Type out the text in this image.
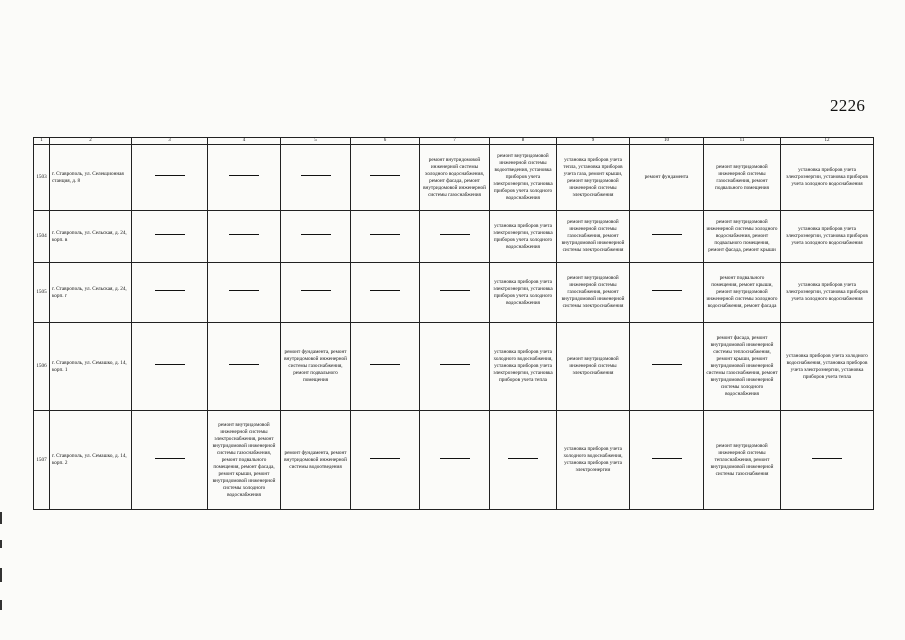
2226
1	2	3	4	5	6	7	8	9	10	11	12
1503	г. Ставрополь, ул. Селекционная станция, д. 8					ремонт внутридомовой инженерной системы холодного водоснабжения, ремонт фасада, ремонт внутридомовой инженерной системы газоснабжения	ремонт внутридомовой инженерной системы водоотведения, установка приборов учета электроэнергии, установка приборов учета холодного водоснабжения	установка приборов учета тепла, установка приборов учета газа, ремонт крыши, ремонт внутридомовой инженерной системы электроснабжения	ремонт фундамента	ремонт внутридомовой инженерной системы газоснабжения, ремонт подвального помещения	установка приборов учета электроэнергии, установка приборов учета холодного водоснабжения
1504	г. Ставрополь, ул. Сельская, д. 24, корп. в						установка приборов учета электроэнергии, установка приборов учета холодного водоснабжения	ремонт внутридомовой инженерной системы газоснабжения, ремонт внутридомовой инженерной системы электроснабжения		ремонт внутридомовой инженерной системы холодного водоснабжения, ремонт подвального помещения, ремонт фасада, ремонт крыши	установка приборов учета электроэнергии, установка приборов учета холодного водоснабжения
1505	г. Ставрополь, ул. Сельская, д. 24, корп. г						установка приборов учета электроэнергии, установка приборов учета холодного водоснабжения	ремонт внутридомовой инженерной системы газоснабжения, ремонт внутридомовой инженерной системы электроснабжения		ремонт подвального помещения, ремонт крыши, ремонт внутридомовой инженерной системы холодного водоснабжения, ремонт фасада	установка приборов учета электроэнергии, установка приборов учета холодного водоснабжения
1506	г. Ставрополь, ул. Семашко, д. 14, корп. 1			ремонт фундамента, ремонт внутридомовой инженерной системы газоснабжения, ремонт подвального помещения			установка приборов учета холодного водоснабжения, установка приборов учета электроэнергии, установка приборов учета тепла	ремонт внутридомовой инженерной системы электроснабжения		ремонт фасада, ремонт внутридомовой инженерной системы теплоснабжения, ремонт крыши, ремонт внутридомовой инженерной системы газоснабжения, ремонт внутридомовой инженерной системы холодного водоснабжения	установка приборов учета холодного водоснабжения, установка приборов учета электроэнергии, установка приборов учета тепла
1507	г. Ставрополь, ул. Семашко, д. 14, корп. 2		ремонт внутридомовой инженерной системы электроснабжения, ремонт внутридомовой инженерной системы газоснабжения, ремонт подвального помещения, ремонт фасада, ремонт крыши, ремонт внутридомовой инженерной системы холодного водоснабжения	ремонт фундамента, ремонт внутридомовой инженерной системы водоотведения				установка приборов учета холодного водоснабжения, установка приборов учета электроэнергии		ремонт внутридомовой инженерной системы теплоснабжения, ремонт внутридомовой инженерной системы газоснабжения	
